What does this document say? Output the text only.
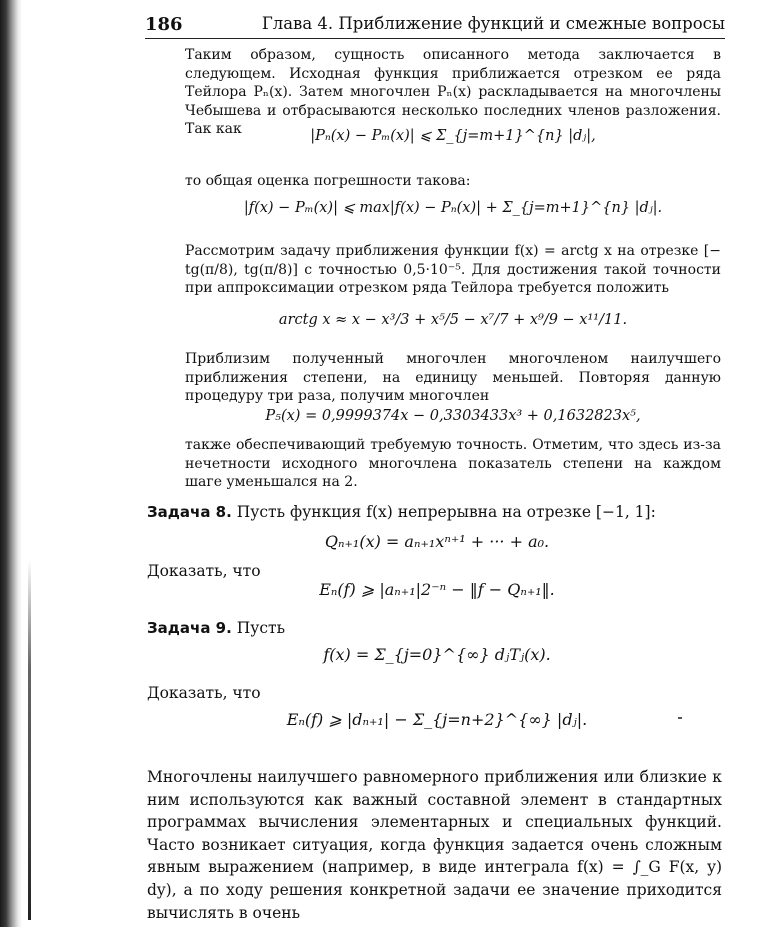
186	Глава 4. Приближение функций и смежные вопросы

Таким образом, сущность описанного метода заключается в следующем. Исходная функция приближается отрезком ее ряда Тейлора Pₙ(x). Затем многочлен Pₙ(x) раскладывается на многочлены Чебышева и отбрасываются несколько последних членов разложения. Так как	|Pₙ(x) − Pₘ(x)| ⩽ Σ_{j=m+1}^{n} |dⱼ|,

то общая оценка погрешности такова:

|f(x) − Pₘ(x)| ⩽ max|f(x) − Pₙ(x)| + Σ_{j=m+1}^{n} |dⱼ|.

Рассмотрим задачу приближения функции f(x) = arctg x на отрезке [− tg(π/8), tg(π/8)] с точностью 0,5·10⁻⁵. Для достижения такой точности при аппроксимации отрезком ряда Тейлора требуется положить

arctg x ≈ x − x³/3 + x⁵/5 − x⁷/7 + x⁹/9 − x¹¹/11.

Приблизим полученный многочлен многочленом наилучшего приближения степени, на единицу меньшей. Повторяя данную процедуру три раза, получим многочлен

P₅(x) = 0,9999374x − 0,3303433x³ + 0,1632823x⁵,

также обеспечивающий требуемую точность. Отметим, что здесь из-за нечетности исходного многочлена показатель степени на каждом шаге уменьшался на 2.

Задача 8. Пусть функция f(x) непрерывна на отрезке [−1, 1]:
Qₙ₊₁(x) = aₙ₊₁xⁿ⁺¹ + ··· + a₀.
Доказать, что
Eₙ(f) ⩾ |aₙ₊₁|2⁻ⁿ − ‖f − Qₙ₊₁‖.
Задача 9. Пусть
f(x) = Σ_{j=0}^{∞} dⱼTⱼ(x).
Доказать, что
Eₙ(f) ⩾ |dₙ₊₁| − Σ_{j=n+2}^{∞} |dⱼ|.

Многочлены наилучшего равномерного приближения или близкие к ним используются как важный составной элемент в стандартных программах вычисления элементарных и специальных функций. Часто возникает ситуация, когда функция задается очень сложным явным выражением (например, в виде интеграла f(x) = ∫_G F(x, y) dy), а по ходу решения конкретной задачи ее значение приходится вычислять в очень
